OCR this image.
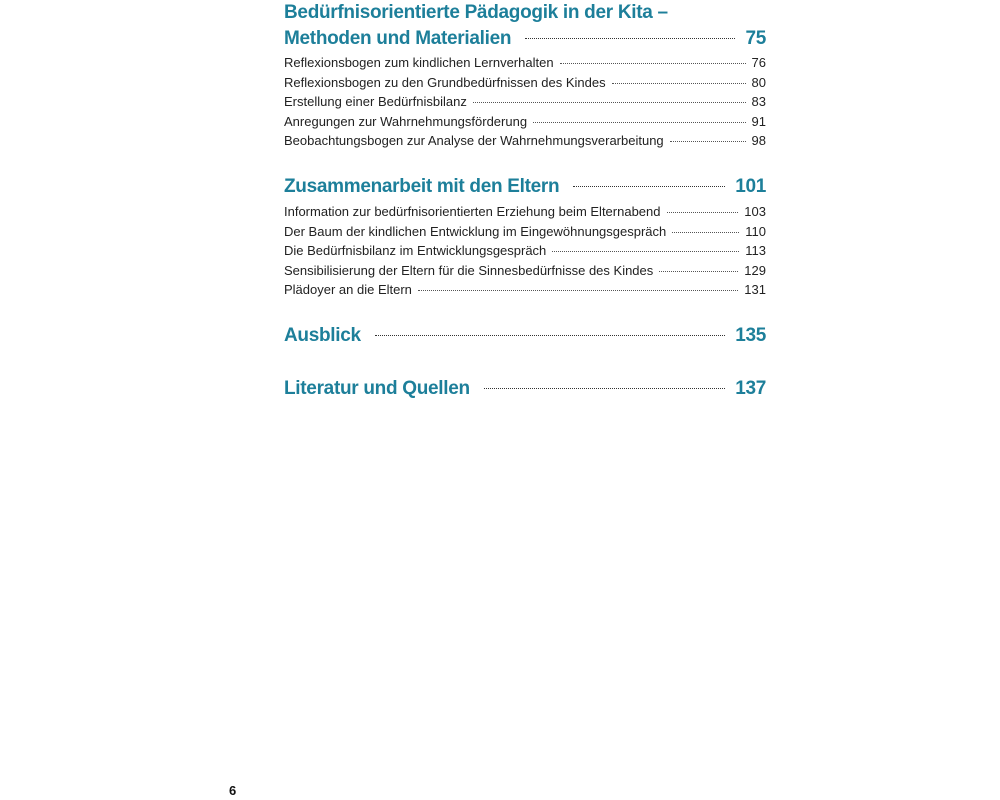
Bedürfnisorientierte Pädagogik in der Kita –
Methoden und Materialien	75
Reflexionsbogen zum kindlichen Lernverhalten	76
Reflexionsbogen zu den Grundbedürfnissen des Kindes	80
Erstellung einer Bedürfnisbilanz	83
Anregungen zur Wahrnehmungsförderung	91
Beobachtungsbogen zur Analyse der Wahrnehmungsverarbeitung	98
Zusammenarbeit mit den Eltern	101
Information zur bedürfnisorientierten Erziehung beim Elternabend	103
Der Baum der kindlichen Entwicklung im Eingewöhnungsgespräch	110
Die Bedürfnisbilanz im Entwicklungsgespräch	113
Sensibilisierung der Eltern für die Sinnesbedürfnisse des Kindes	129
Plädoyer an die Eltern	131
Ausblick	135
Literatur und Quellen	137
6
